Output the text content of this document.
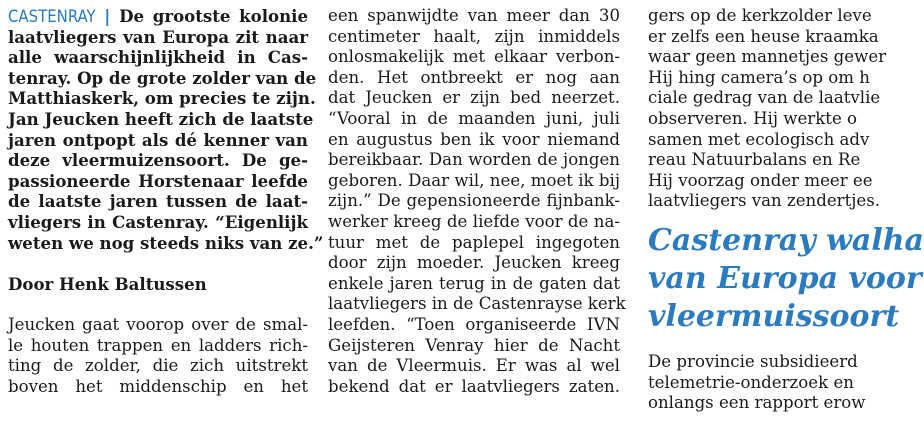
CASTENRAY | De grootste kolonie
laatvliegers van Europa zit naar
alle waarschijnlijkheid in Cas-
tenray. Op de grote zolder van de
Matthiaskerk, om precies te zijn.
Jan Jeucken heeft zich de laatste
jaren ontpopt als dé kenner van
deze vleermuizensoort. De ge-
passioneerde Horstenaar leefde
de laatste jaren tussen de laat-
vliegers in Castenray. “Eigenlijk
weten we nog steeds niks van ze.”
Door Henk Baltussen
Jeucken gaat voorop over de smal-
le houten trappen en ladders rich-
ting de zolder, die zich uitstrekt
boven het middenschip en het
een spanwijdte van meer dan 30
centimeter haalt, zijn inmiddels
onlosmakelijk met elkaar verbon-
den. Het ontbreekt er nog aan
dat Jeucken er zijn bed neerzet.
“Vooral in de maanden juni, juli
en augustus ben ik voor niemand
bereikbaar. Dan worden de jongen
geboren. Daar wil, nee, moet ik bij
zijn.” De gepensioneerde fijnbank-
werker kreeg de liefde voor de na-
tuur met de paplepel ingegoten
door zijn moeder. Jeucken kreeg
enkele jaren terug in de gaten dat
laatvliegers in de Castenrayse kerk
leefden. “Toen organiseerde IVN
Geijsteren Venray hier de Nacht
van de Vleermuis. Er was al wel
bekend dat er laatvliegers zaten.
gers op de kerkzolder leve
er zelfs een heuse kraamka
waar geen mannetjes gewer
Hij hing camera’s op om h
ciale gedrag van de laatvlie
observeren. Hij werkte o
samen met ecologisch adv
reau Natuurbalans en Re
Hij voorzag onder meer ee
laatvliegers van zendertjes.
Castenray walha
van Europa voor
vleermuissoort
De provincie subsidieerd
telemetrie-onderzoek en
onlangs een rapport erow
